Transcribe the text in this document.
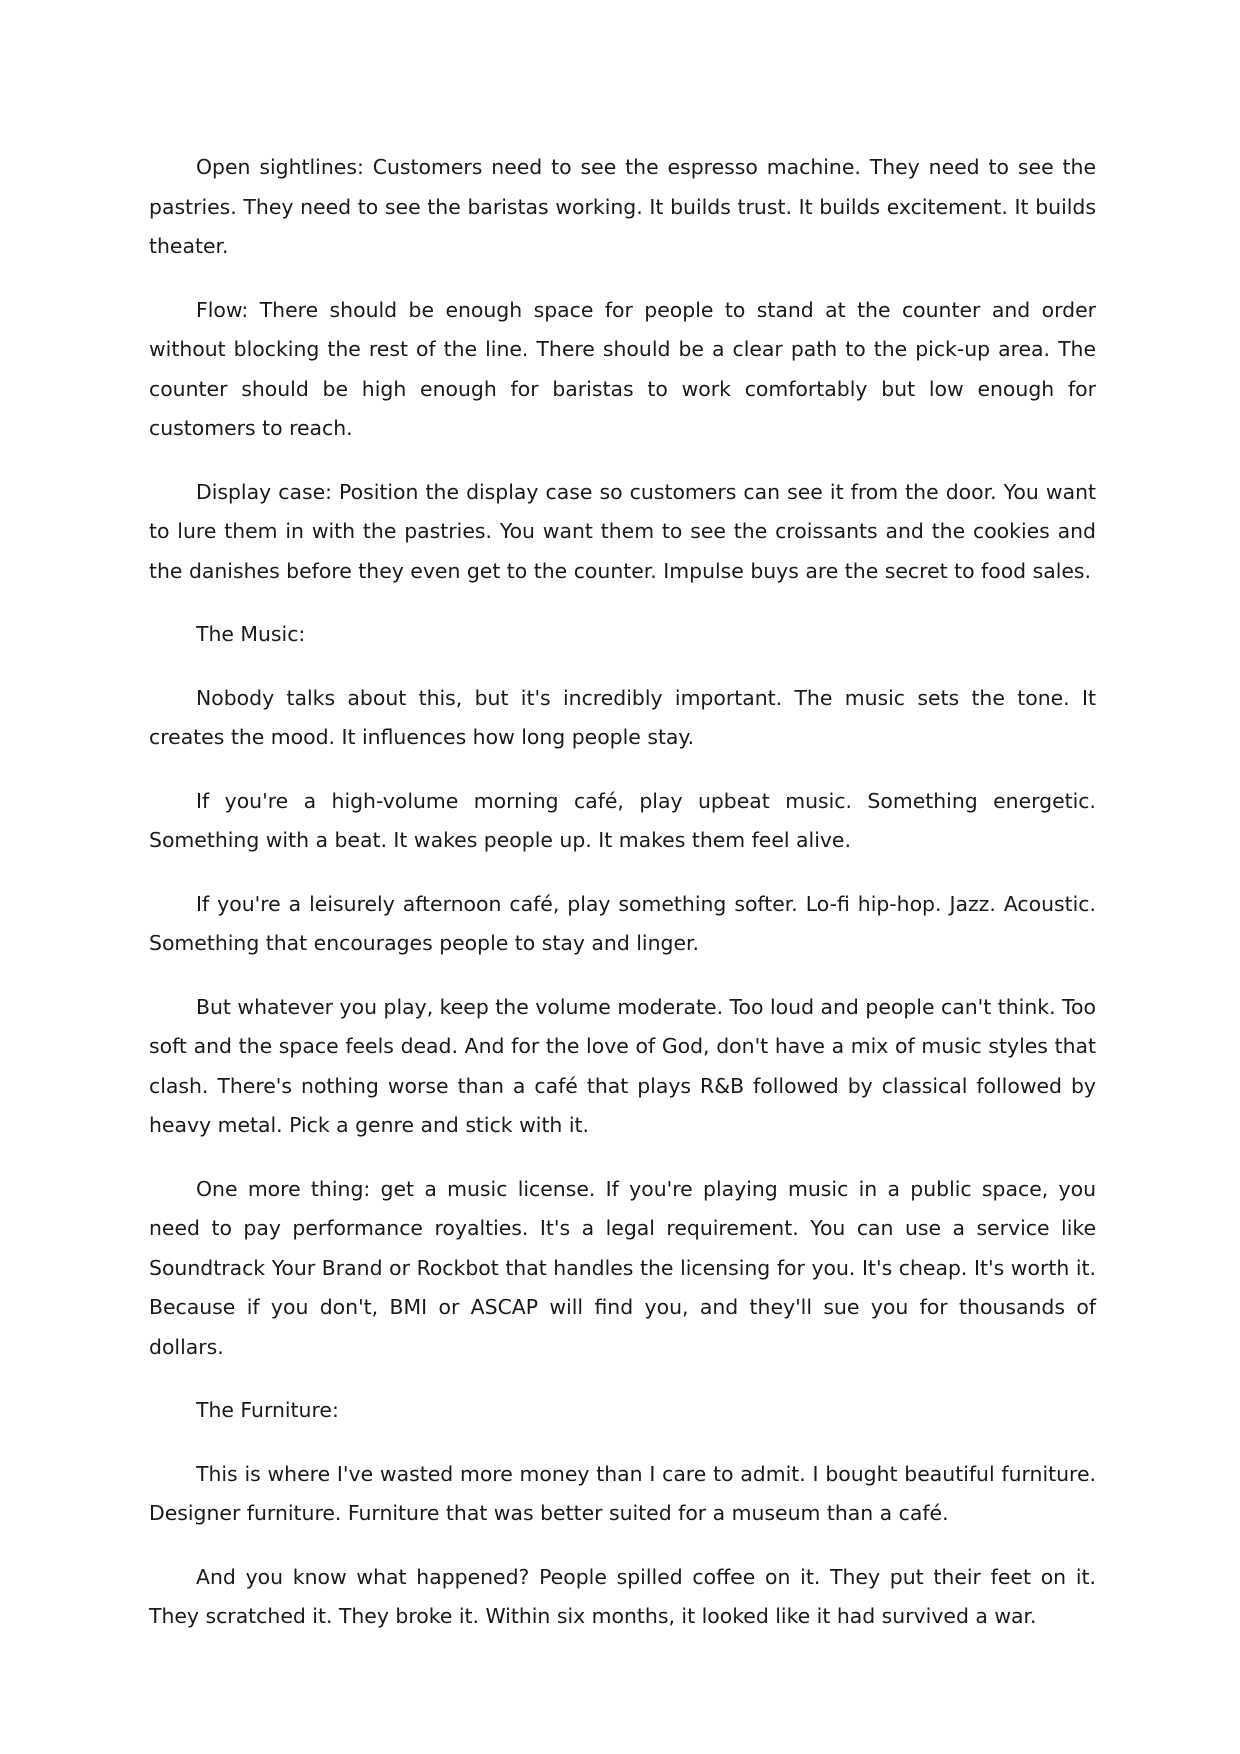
Open sightlines: Customers need to see the espresso machine. They need to see the pastries. They need to see the baristas working. It builds trust. It builds excitement. It builds theater.

Flow: There should be enough space for people to stand at the counter and order without blocking the rest of the line. There should be a clear path to the pick-up area. The counter should be high enough for baristas to work comfortably but low enough for customers to reach.

Display case: Position the display case so customers can see it from the door. You want to lure them in with the pastries. You want them to see the croissants and the cookies and the danishes before they even get to the counter. Impulse buys are the secret to food sales.

The Music:

Nobody talks about this, but it's incredibly important. The music sets the tone. It creates the mood. It influences how long people stay.

If you're a high-volume morning café, play upbeat music. Something energetic. Something with a beat. It wakes people up. It makes them feel alive.

If you're a leisurely afternoon café, play something softer. Lo-fi hip-hop. Jazz. Acoustic. Something that encourages people to stay and linger.

But whatever you play, keep the volume moderate. Too loud and people can't think. Too soft and the space feels dead. And for the love of God, don't have a mix of music styles that clash. There's nothing worse than a café that plays R&B followed by classical followed by heavy metal. Pick a genre and stick with it.

One more thing: get a music license. If you're playing music in a public space, you need to pay performance royalties. It's a legal requirement. You can use a service like Soundtrack Your Brand or Rockbot that handles the licensing for you. It's cheap. It's worth it. Because if you don't, BMI or ASCAP will find you, and they'll sue you for thousands of dollars.

The Furniture:

This is where I've wasted more money than I care to admit. I bought beautiful furniture. Designer furniture. Furniture that was better suited for a museum than a café.

And you know what happened? People spilled coffee on it. They put their feet on it. They scratched it. They broke it. Within six months, it looked like it had survived a war.
